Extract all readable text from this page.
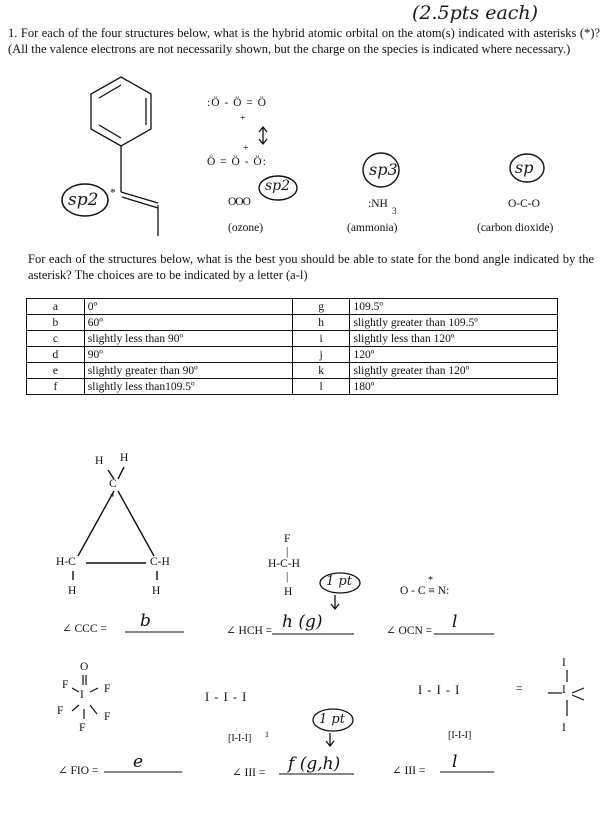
(2.5pts each)
1. For each of the four structures below, what is the hybrid atomic orbital on the atom(s) indicated with asterisks (*)? (All the valence electrons are not necessarily shown, but the charge on the species is indicated where necessary.)
sp2 *
:Ö - Ö = Ö
+
+
Ö = Ö - Ö:
sp2
OOO
(ozone)
sp3
:NH
3
(ammonia)
sp
O-C-O
(carbon dioxide)
For each of the structures below, what is the best you should be able to state for the bond angle indicated by the asterisk? The choices are to be indicated by a letter (a-l)
a	0º	g	109.5º
b	60º	h	slightly greater than 109.5º
c	slightly less than 90º	i	slightly less than 120º
d	90º	j	120º
e	slightly greater than 90º	k	slightly greater than 120º
f	slightly less than109.5º	l	180º
H H
C
*
H-C	C-H
H	H
∠ CCC = b
F
|
H-C-H
|
H
1 pt
∠ HCH = h (g)
O - C ≡ N:
*
∠ OCN = l
O
F	F
I
F	F
F
∠ FIO = e
I - I - I
[I-I-I] 1
1 pt
∠ III = f (g,h)
I - I - I
[I-I-I]
=
I
I
I
∠ III = l
